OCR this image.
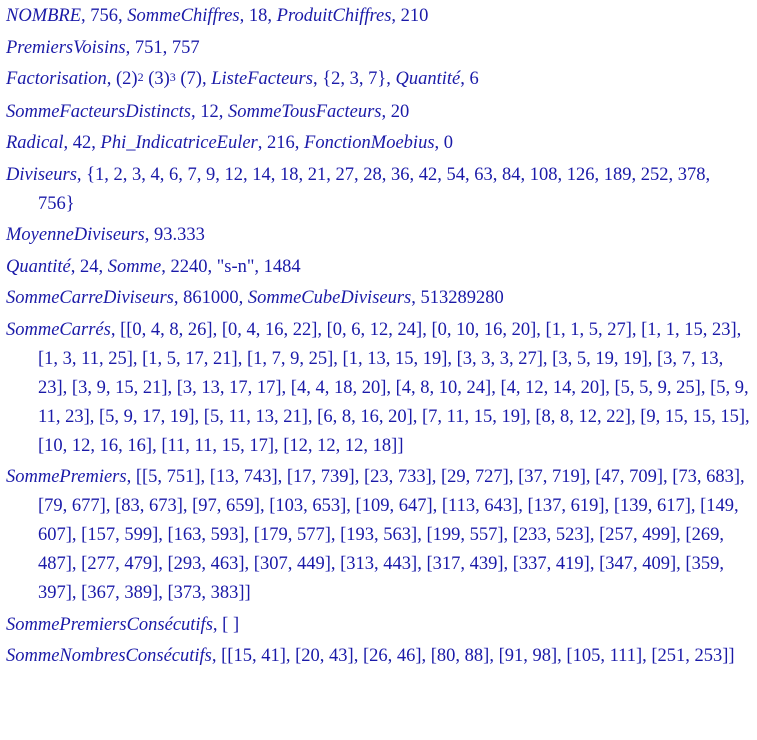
NOMBRE, 756, SommeChiffres, 18, ProduitChiffres, 210
PremiersVoisins, 751, 757
Factorisation, $(2)^2$ $(3)^3$ (7), ListeFacteurs, {2, 3, 7}, Quantité, 6
SommeFacteursDistincts, 12, SommeTousFacteurs, 20
Radical, 42, Phi_IndicatriceEuler, 216, FonctionMoebius, 0
Diviseurs, {1, 2, 3, 4, 6, 7, 9, 12, 14, 18, 21, 27, 28, 36, 42, 54, 63, 84, 108, 126, 189, 252, 378, 756}
MoyenneDiviseurs, 93.333
Quantité, 24, Somme, 2240, "s-n", 1484
SommeCarreDiviseurs, 861000, SommeCubeDiviseurs, 513289280
SommeCarrés, [[0, 4, 8, 26], [0, 4, 16, 22], [0, 6, 12, 24], [0, 10, 16, 20], [1, 1, 5, 27], [1, 1, 15, 23], [1, 3, 11, 25], [1, 5, 17, 21], [1, 7, 9, 25], [1, 13, 15, 19], [3, 3, 3, 27], [3, 5, 19, 19], [3, 7, 13, 23], [3, 9, 15, 21], [3, 13, 17, 17], [4, 4, 18, 20], [4, 8, 10, 24], [4, 12, 14, 20], [5, 5, 9, 25], [5, 9, 11, 23], [5, 9, 17, 19], [5, 11, 13, 21], [6, 8, 16, 20], [7, 11, 15, 19], [8, 8, 12, 22], [9, 15, 15, 15], [10, 12, 16, 16], [11, 11, 15, 17], [12, 12, 12, 18]]
SommePremiers, [[5, 751], [13, 743], [17, 739], [23, 733], [29, 727], [37, 719], [47, 709], [73, 683], [79, 677], [83, 673], [97, 659], [103, 653], [109, 647], [113, 643], [137, 619], [139, 617], [149, 607], [157, 599], [163, 593], [179, 577], [193, 563], [199, 557], [233, 523], [257, 499], [269, 487], [277, 479], [293, 463], [307, 449], [313, 443], [317, 439], [337, 419], [347, 409], [359, 397], [367, 389], [373, 383]]
SommePremiersConsécutifs, [ ]
SommeNombresConsécutifs, [[15, 41], [20, 43], [26, 46], [80, 88], [91, 98], [105, 111], [251, 253]]
